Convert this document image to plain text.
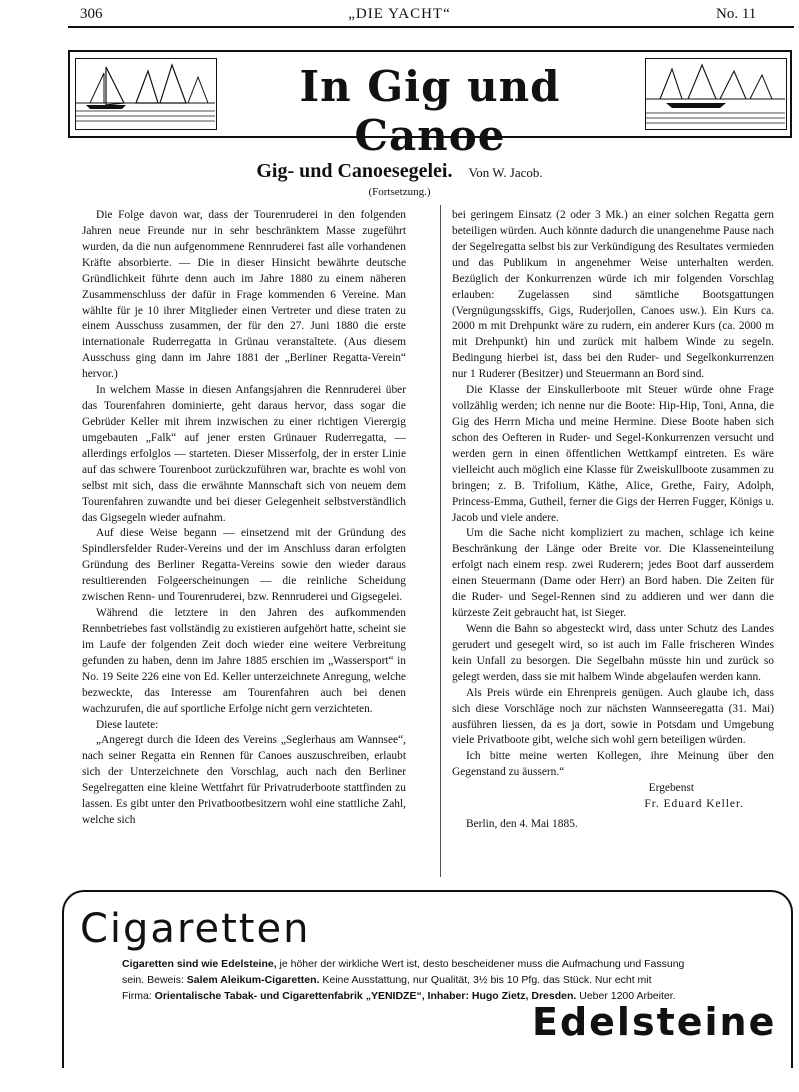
306	„DIE YACHT“	No. 11
In Gig und Canoe
Gig- und Canoesegelei. Von W. Jacob.
(Fortsetzung.)

Die Folge davon war, dass der Tourenruderei in den folgenden Jahren neue Freunde nur in sehr beschränktem Masse zugeführt wurden, da die nun aufgenommene Rennruderei fast alle vorhandenen Kräfte absorbierte. — Die in dieser Hinsicht bewährte deutsche Gründlichkeit führte denn auch im Jahre 1880 zu einem näheren Zusammenschluss der dafür in Frage kommenden 6 Vereine. Man wählte für je 10 ihrer Mitglieder einen Vertreter und diese traten zu einem Ausschuss zusammen, der für den 27. Juni 1880 die erste internationale Ruderregatta in Grünau veranstaltete. (Aus diesem Ausschuss ging dann im Jahre 1881 der „Berliner Regatta-Verein“ hervor.)

In welchem Masse in diesen Anfangsjahren die Rennruderei über das Tourenfahren dominierte, geht daraus hervor, dass sogar die Gebrüder Keller mit ihrem inzwischen zu einer richtigen Vierergig umgebauten „Falk“ auf jener ersten Grünauer Ruderregatta, — allerdings erfolglos — starteten. Dieser Misserfolg, der in erster Linie auf das schwere Tourenboot zurückzuführen war, brachte es wohl von selbst mit sich, dass die erwähnte Mannschaft sich von neuem dem Tourenfahren zuwandte und bei dieser Gelegenheit selbstverständlich das Gigsegeln wieder aufnahm.

Auf diese Weise begann — einsetzend mit der Gründung des Spindlersfelder Ruder-Vereins und der im Anschluss daran erfolgten Gründung des Berliner Regatta-Vereins sowie den wieder daraus resultierenden Folgeerscheinungen — die reinliche Scheidung zwischen Renn- und Tourenruderei, bzw. Rennruderei und Gigsegelei.

Während die letztere in den Jahren des aufkommenden Rennbetriebes fast vollständig zu existieren aufgehört hatte, scheint sie im Laufe der folgenden Zeit doch wieder eine weitere Verbreitung gefunden zu haben, denn im Jahre 1885 erschien im „Wassersport“ in No. 19 Seite 226 eine von Ed. Keller unterzeichnete Anregung, welche bezweckte, das Interesse am Tourenfahren auch bei denen wachzurufen, die auf sportliche Erfolge nicht gern verzichteten.

Diese lautete:

„Angeregt durch die Ideen des Vereins „Seglerhaus am Wannsee“, nach seiner Regatta ein Rennen für Canoes auszuschreiben, erlaubt sich der Unterzeichnete den Vorschlag, auch nach den Berliner Segelregatten eine kleine Wettfahrt für Privatruderboote stattfinden zu lassen. Es gibt unter den Privatbootbesitzern wohl eine stattliche Zahl, welche sich

bei geringem Einsatz (2 oder 3 Mk.) an einer solchen Regatta gern beteiligen würden. Auch könnte dadurch die unangenehme Pause nach der Segelregatta selbst bis zur Verkündigung des Resultates vermieden und das Publikum in angenehmer Weise unterhalten werden. Bezüglich der Konkurrenzen würde ich mir folgenden Vorschlag erlauben: Zugelassen sind sämtliche Bootsgattungen (Vergnügungsskiffs, Gigs, Ruderjollen, Canoes usw.). Ein Kurs ca. 2000 m mit Drehpunkt wäre zu rudern, ein anderer Kurs (ca. 2000 m mit Drehpunkt) hin und zurück mit halbem Winde zu segeln. Bedingung hierbei ist, dass bei den Ruder- und Segelkonkurrenzen nur 1 Ruderer (Besitzer) und Steuermann an Bord sind.

Die Klasse der Einskullerboote mit Steuer würde ohne Frage vollzählig werden; ich nenne nur die Boote: Hip-Hip, Toni, Anna, die Gig des Herrn Micha und meine Hermine. Diese Boote haben sich schon des Oefteren in Ruder- und Segel-Konkurrenzen versucht und werden gern in einen öffentlichen Wettkampf eintreten. Es wäre vielleicht auch möglich eine Klasse für Zweiskullboote zusammen zu bringen; z. B. Trifolium, Käthe, Alice, Grethe, Fairy, Adolph, Princess-Emma, Gutheil, ferner die Gigs der Herren Fugger, Königs u. Jacob und viele andere.

Um die Sache nicht kompliziert zu machen, schlage ich keine Beschränkung der Länge oder Breite vor. Die Klasseneinteilung erfolgt nach einem resp. zwei Ruderern; jedes Boot darf ausserdem einen Steuermann (Dame oder Herr) an Bord haben. Die Zeiten für die Ruder- und Segel-Rennen sind zu addieren und wer dann die kürzeste Zeit gebraucht hat, ist Sieger.

Wenn die Bahn so abgesteckt wird, dass unter Schutz des Landes gerudert und gesegelt wird, so ist auch im Falle frischeren Windes kein Unfall zu besorgen. Die Segelbahn müsste hin und zurück so gelegt werden, dass sie mit halbem Winde abgelaufen werden kann.

Als Preis würde ein Ehrenpreis genügen. Auch glaube ich, dass sich diese Vorschläge noch zur nächsten Wannseeregatta (31. Mai) ausführen liessen, da es ja dort, sowie in Potsdam und Umgebung viele Privatboote gibt, welche sich wohl gern beteiligen würden.

Ich bitte meine werten Kollegen, ihre Meinung über den Gegenstand zu äussern.“

Ergebenst

Fr. Eduard Keller.

Berlin, den 4. Mai 1885.

Cigaretten
Cigaretten sind wie Edelsteine, je höher der wirkliche Wert ist, desto bescheidener muss die Aufmachung und Fassung
sein. Beweis: Salem Aleikum-Cigaretten. Keine Ausstattung, nur Qualität, 3½ bis 10 Pfg. das Stück. Nur echt mit
Firma: Orientalische Tabak- und Cigarettenfabrik „YENIDZE“, Inhaber: Hugo Zietz, Dresden. Ueber 1200 Arbeiter.
Edelsteine
